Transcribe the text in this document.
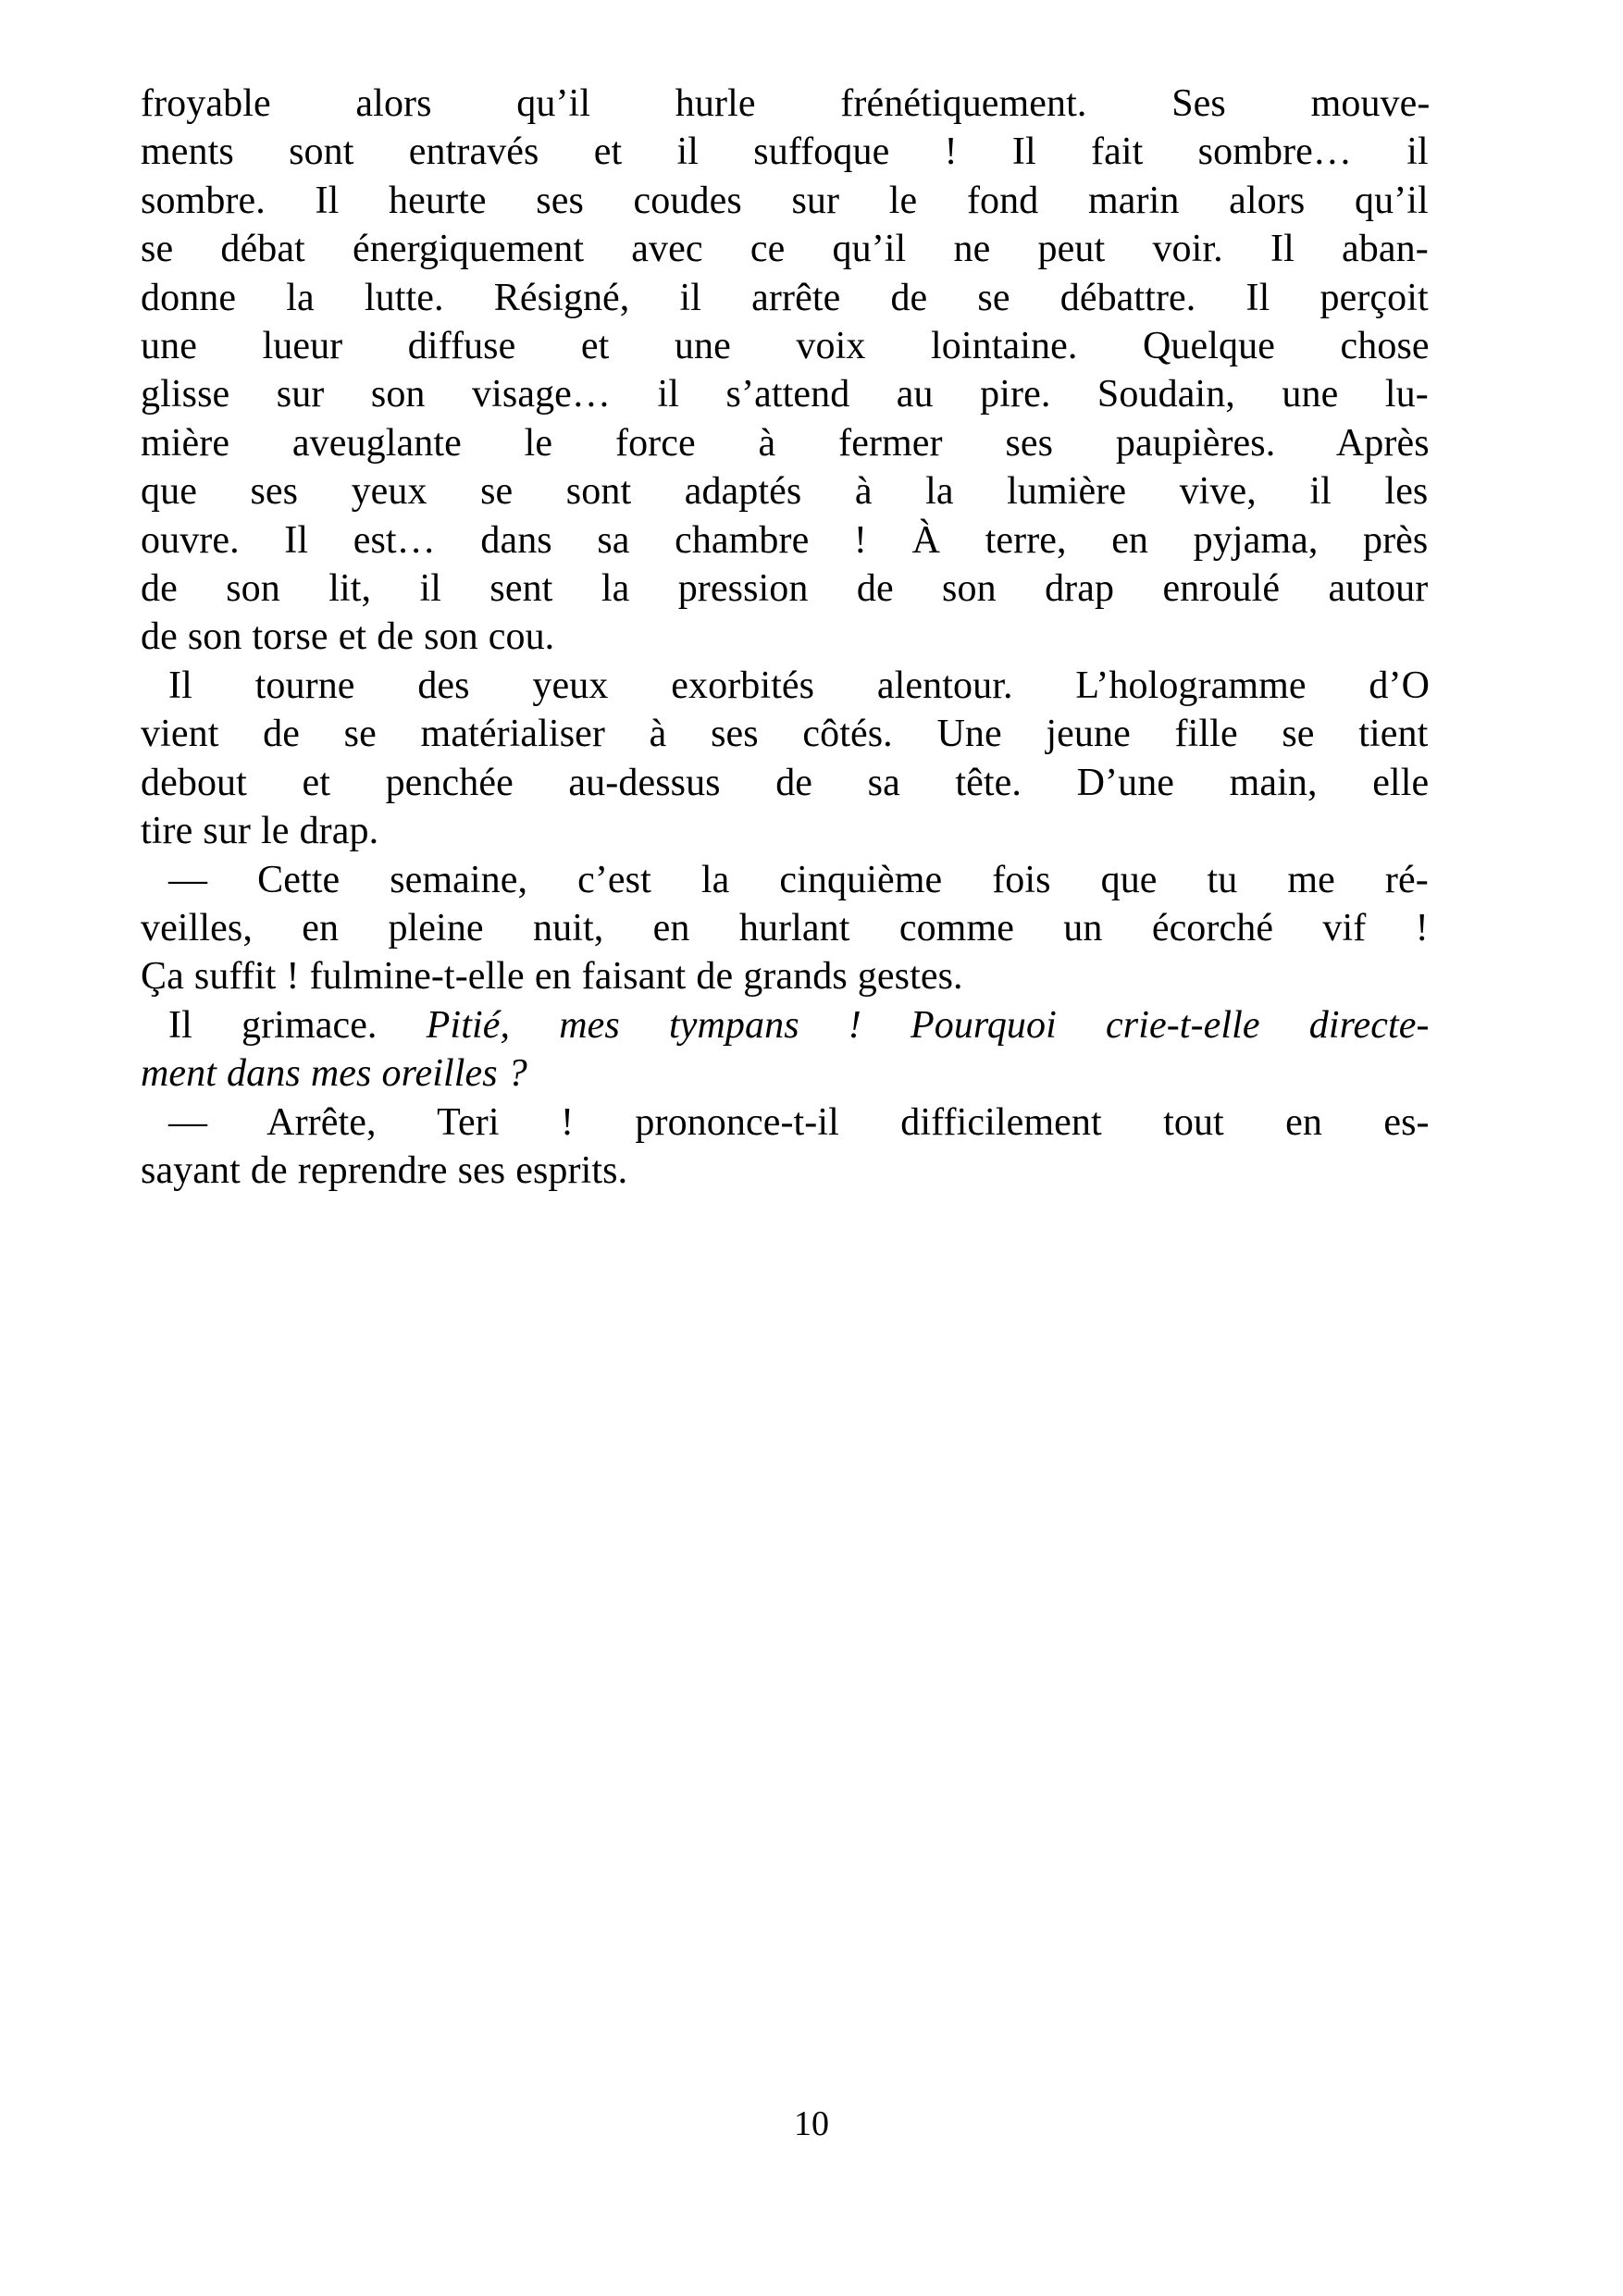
froyable alors qu’il hurle frénétiquement. Ses mouve-
ments sont entravés et il suffoque ! Il fait sombre… il
sombre. Il heurte ses coudes sur le fond marin alors qu’il
se débat énergiquement avec ce qu’il ne peut voir. Il aban-
donne la lutte. Résigné, il arrête de se débattre. Il perçoit
une lueur diffuse et une voix lointaine. Quelque chose
glisse sur son visage… il s’attend au pire. Soudain, une lu-
mière aveuglante le force à fermer ses paupières. Après
que ses yeux se sont adaptés à la lumière vive, il les
ouvre. Il est… dans sa chambre ! À terre, en pyjama, près
de son lit, il sent la pression de son drap enroulé autour
de son torse et de son cou.

Il tourne des yeux exorbités alentour. L’hologramme d’O
vient de se matérialiser à ses côtés. Une jeune fille se tient
debout et penchée au-dessus de sa tête. D’une main, elle
tire sur le drap.

— Cette semaine, c’est la cinquième fois que tu me ré-
veilles, en pleine nuit, en hurlant comme un écorché vif !
Ça suffit ! fulmine-t-elle en faisant de grands gestes.

Il grimace. Pitié, mes tympans ! Pourquoi crie-t-elle directe-
ment dans mes oreilles ?

— Arrête, Teri ! prononce-t-il difficilement tout en es-
sayant de reprendre ses esprits.

10
